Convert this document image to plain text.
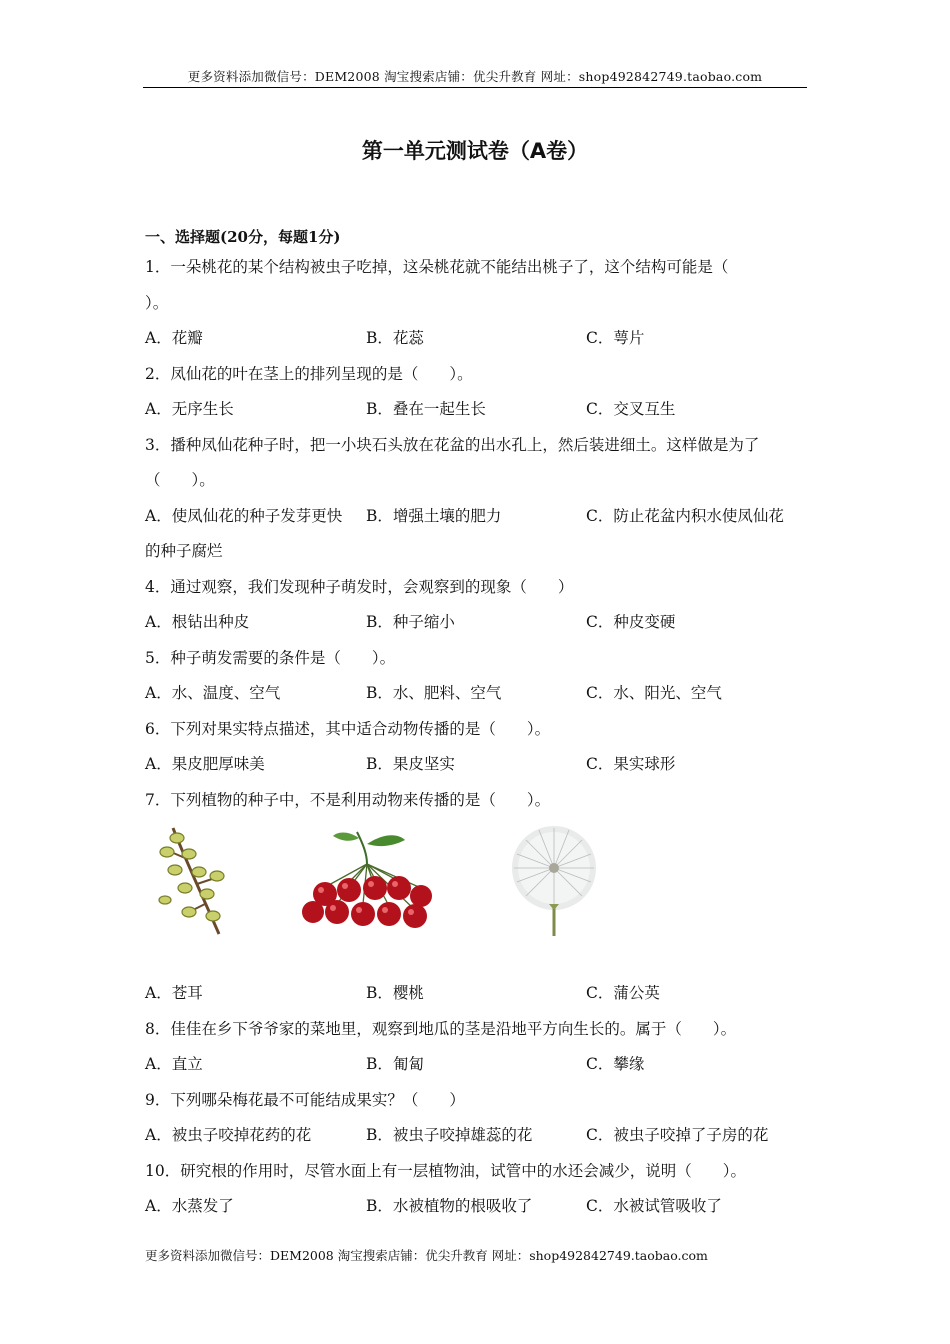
更多资料添加微信号：DEM2008 淘宝搜索店铺：优尖升教育 网址：shop492842749.taobao.com
第一单元测试卷（A卷）
一、选择题(20分，每题1分)
1．一朵桃花的某个结构被虫子吃掉，这朵桃花就不能结出桃子了，这个结构可能是（
）。
A．花瓣	B．花蕊	C．萼片
2．凤仙花的叶在茎上的排列呈现的是（　　）。
A．无序生长	B．叠在一起生长	C．交叉互生
3．播种凤仙花种子时，把一小块石头放在花盆的出水孔上，然后装进细土。这样做是为了
（　　）。
A．使凤仙花的种子发芽更快	B．增强土壤的肥力	C．防止花盆内积水使凤仙花
的种子腐烂
4．通过观察，我们发现种子萌发时，会观察到的现象（　　）
A．根钻出种皮	B．种子缩小	C．种皮变硬
5．种子萌发需要的条件是（　　）。
A．水、温度、空气	B．水、肥料、空气	C．水、阳光、空气
6．下列对果实特点描述，其中适合动物传播的是（　　）。
A．果皮肥厚味美	B．果皮坚实	C．果实球形
7．下列植物的种子中，不是利用动物来传播的是（　　）。
A．苍耳	B．樱桃	C．蒲公英
8．佳佳在乡下爷爷家的菜地里，观察到地瓜的茎是沿地平方向生长的。属于（　　）。
A．直立	B．匍匐	C．攀缘
9．下列哪朵梅花最不可能结成果实？（　　）
A．被虫子咬掉花药的花	B．被虫子咬掉雄蕊的花	C．被虫子咬掉了子房的花
10．研究根的作用时，尽管水面上有一层植物油，试管中的水还会减少，说明（　　）。
A．水蒸发了	B．水被植物的根吸收了	C．水被试管吸收了
更多资料添加微信号：DEM2008 淘宝搜索店铺：优尖升教育 网址：shop492842749.taobao.com
